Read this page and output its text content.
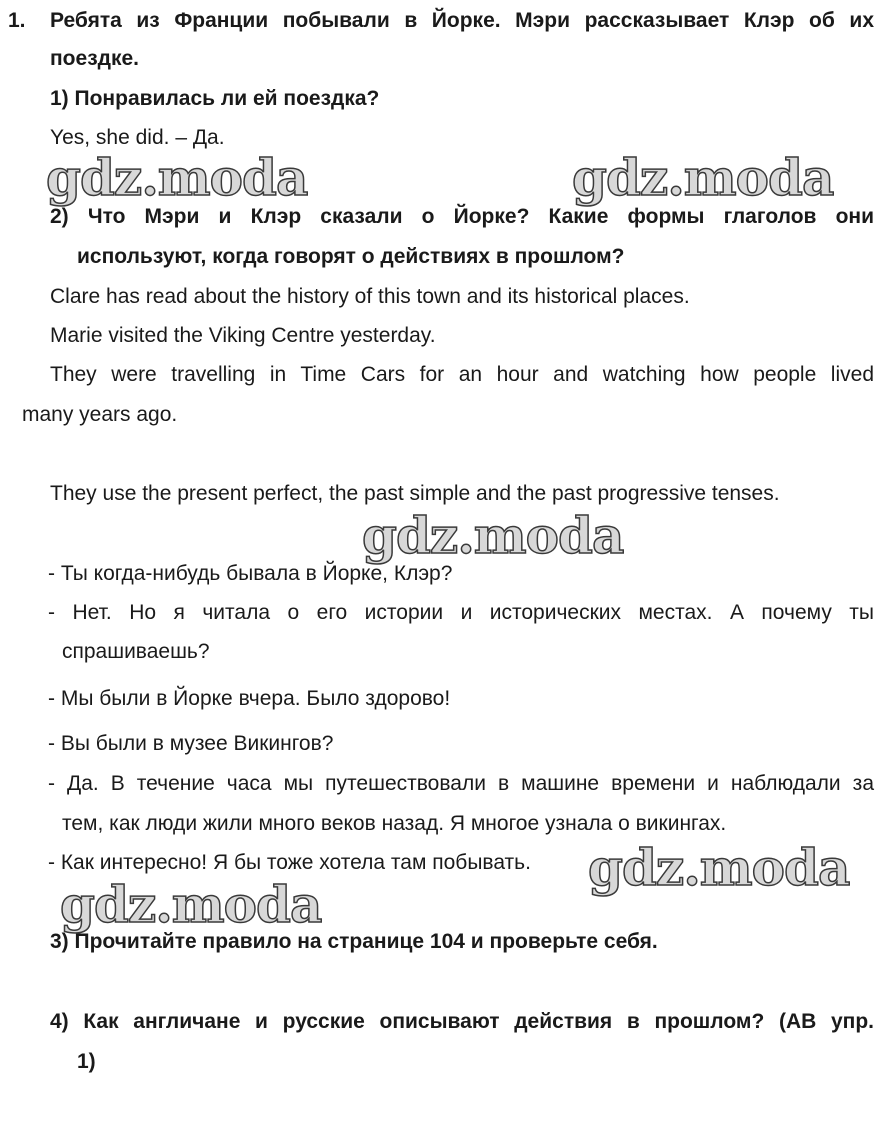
1. Ребята из Франции побывали в Йорке. Мэри рассказывает Клэр об их

поездке.

1) Понравилась ли ей поездка?

Yes, she did. – Да.

2) Что Мэри и Клэр сказали о Йорке? Какие формы глаголов они

используют, когда говорят о действиях в прошлом?

Clare has read about the history of this town and its historical places.

Marie visited the Viking Centre yesterday.

They were travelling in Time Cars for an hour and watching how people lived

many years ago.

They use the present perfect, the past simple and the past progressive tenses.

- Ты когда-нибудь бывала в Йорке, Клэр?

- Нет. Но я читала о его истории и исторических местах. А почему ты

спрашиваешь?

- Мы были в Йорке вчера. Было здорово!

- Вы были в музее Викингов?

- Да. В течение часа мы путешествовали в машине времени и наблюдали за

тем, как люди жили много веков назад. Я многое узнала о викингах.

- Как интересно! Я бы тоже хотела там побывать.

3) Прочитайте правило на странице 104 и проверьте себя.

4) Как англичане и русские описывают действия в прошлом? (АВ упр.

1)

gdz.moda	gdz.moda

gdz.moda

gdz.moda

gdz.moda
